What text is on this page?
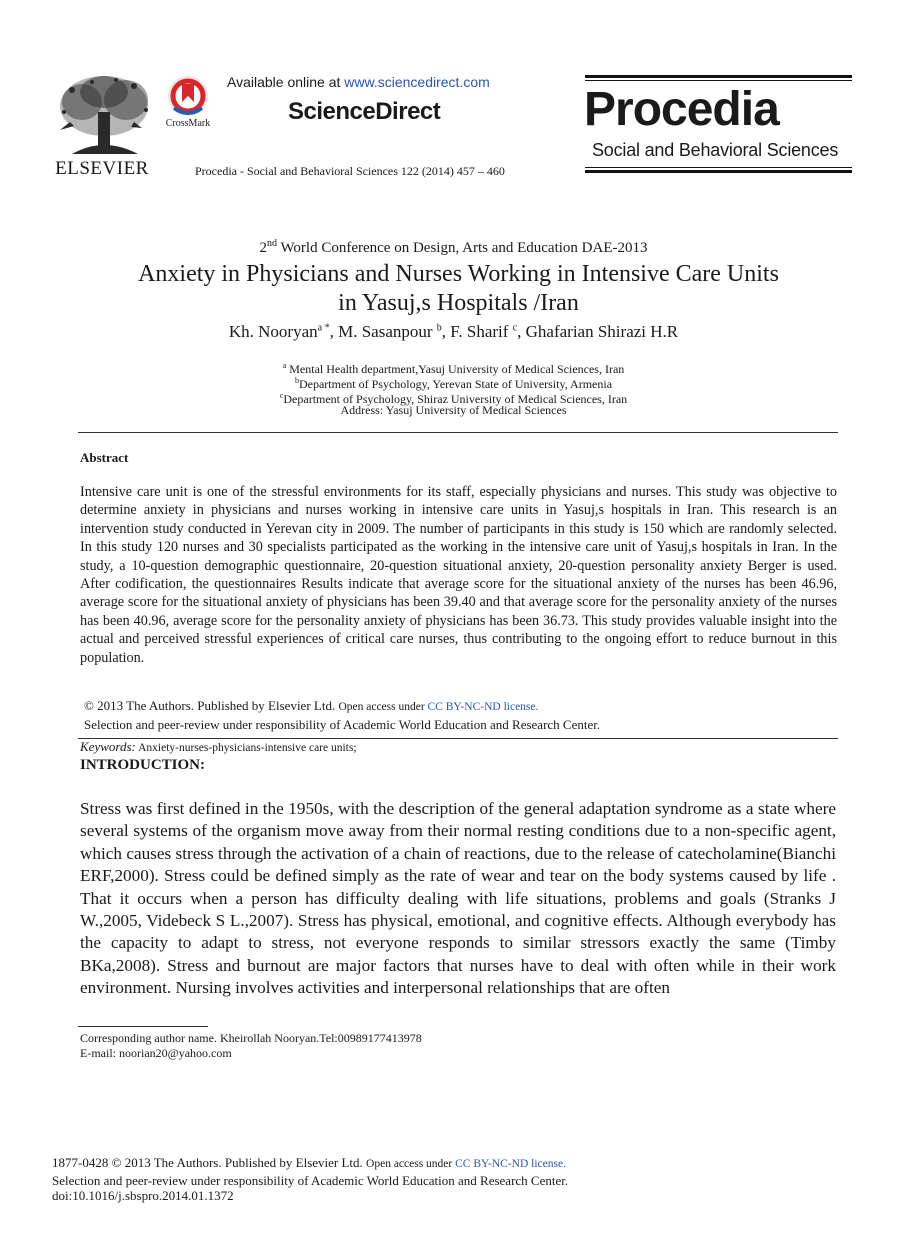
ELSEVIER
CrossMark
Available online at www.sciencedirect.com
ScienceDirect
Procedia - Social and Behavioral Sciences 122 (2014) 457 – 460
Procedia
Social and Behavioral Sciences
2nd World Conference on Design, Arts and Education DAE-2013
Anxiety in Physicians and Nurses Working in Intensive Care Units
in Yasuj,s Hospitals /Iran
Kh. Nooryan$^{a *}$, M. Sasanpour $^b$, F. Sharif $^c$, Ghafarian Shirazi H.R
$^a$ Mental Health department,Yasuj University of Medical Sciences, Iran
$^b$Department of Psychology, Yerevan State of University, Armenia
$^c$Department of Psychology, Shiraz University of Medical Sciences, Iran
Address: Yasuj University of Medical Sciences
Abstract
Intensive care unit is one of the stressful environments for its staff, especially physicians and nurses. This study was objective to determine anxiety in physicians and nurses working in intensive care units in Yasuj,s hospitals in Iran. This research is an intervention study conducted in Yerevan city in 2009. The number of participants in this study is 150 which are randomly selected. In this study 120 nurses and 30 specialists participated as the working in the intensive care unit of Yasuj,s hospitals in Iran. In the study, a 10-question demographic questionnaire, 20-question situational anxiety, 20-question personality anxiety Berger is used. After codification, the questionnaires Results indicate that average score for the situational anxiety of the nurses has been 46.96, average score for the situational anxiety of physicians has been 39.40 and that average score for the personality anxiety of the nurses has been 40.96, average score for the personality anxiety of physicians has been 36.73. This study provides valuable insight into the actual and perceived stressful experiences of critical care nurses, thus contributing to the ongoing effort to reduce burnout in this population.
© 2013 The Authors. Published by Elsevier Ltd. Open access under CC BY-NC-ND license.
Selection and peer-review under responsibility of Academic World Education and Research Center.
Keywords: Anxiety-nurses-physicians-intensive care units;
INTRODUCTION:
Stress was first defined in the 1950s, with the description of the general adaptation syndrome as a state where several systems of the organism move away from their normal resting conditions due to a non-specific agent, which causes stress through the activation of a chain of reactions, due to the release of catecholamine(Bianchi ERF,2000). Stress could be defined simply as the rate of wear and tear on the body systems caused by life . That it occurs when a person has difficulty dealing with life situations, problems and goals (Stranks J W.,2005, Videbeck S L.,2007). Stress has physical, emotional, and cognitive effects. Although everybody has the capacity to adapt to stress, not everyone responds to similar stressors exactly the same (Timby BKa,2008). Stress and burnout are major factors that nurses have to deal with often while in their work environment. Nursing involves activities and interpersonal relationships that are often
Corresponding author name. Kheirollah Nooryan.Tel:00989177413978
E-mail: noorian20@yahoo.com
1877-0428 © 2013 The Authors. Published by Elsevier Ltd. Open access under CC BY-NC-ND license.
Selection and peer-review under responsibility of Academic World Education and Research Center.
doi:10.1016/j.sbspro.2014.01.1372
